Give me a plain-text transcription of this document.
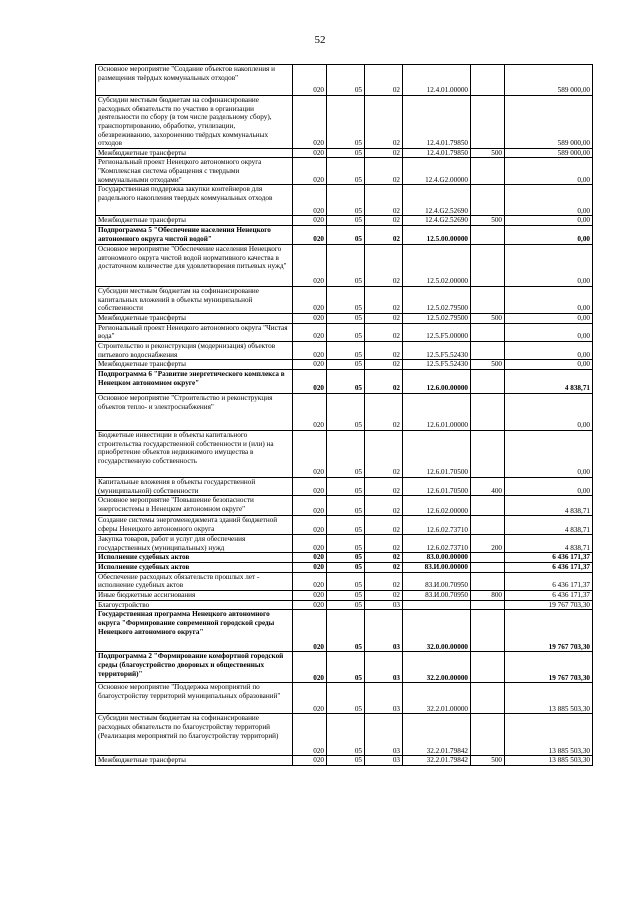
52
Основное мероприятие "Создание объектов накопления и размещения твёрдых коммунальных отходов"	020	05	02	12.4.01.00000		589 000,00
Субсидии местным бюджетам на софинансирование расходных обязательств по участию в организации деятельности по сбору (в том числе раздельному сбору), транспортированию, обработке, утилизации, обезвреживанию, захоронению твёрдых коммунальных отходов	020	05	02	12.4.01.79850		589 000,00
Межбюджетные трансферты	020	05	02	12.4.01.79850	500	589 000,00
Региональный проект Ненецкого автономного округа "Комплексная система обращения с твердыми коммунальными отходами"	020	05	02	12.4.G2.00000		0,00
Государственная поддержка закупки контейнеров для раздельного накопления твердых коммунальных отходов	020	05	02	12.4.G2.52690		0,00
Межбюджетные трансферты	020	05	02	12.4.G2.52690	500	0,00
Подпрограмма 5 "Обеспечение населения Ненецкого автономного округа чистой водой"	020	05	02	12.5.00.00000		0,00
Основное мероприятие "Обеспечение населения Ненецкого автономного округа чистой водой нормативного качества в достаточном количестве для удовлетворения питьевых нужд"	020	05	02	12.5.02.00000		0,00
Субсидии местным бюджетам на софинансирование капитальных вложений в объекты муниципальной собственности	020	05	02	12.5.02.79500		0,00
Межбюджетные трансферты	020	05	02	12.5.02.79500	500	0,00
Региональный проект Ненецкого автономного округа "Чистая вода"	020	05	02	12.5.F5.00000		0,00
Строительство и реконструкция (модернизация) объектов питьевого водоснабжения	020	05	02	12.5.F5.52430		0,00
Межбюджетные трансферты	020	05	02	12.5.F5.52430	500	0,00
Подпрограмма 6 "Развитие энергетического комплекса в Ненецком автономном округе"	020	05	02	12.6.00.00000		4 838,71
Основное мероприятие "Строительство и реконструкция объектов тепло- и электроснабжения"	020	05	02	12.6.01.00000		0,00
Бюджетные инвестиции в объекты капитального строительства государственной собственности и (или) на приобретение объектов недвижимого имущества в государственную собственность	020	05	02	12.6.01.70500		0,00
Капитальные вложения в объекты государственной (муниципальной) собственности	020	05	02	12.6.01.70500	400	0,00
Основное мероприятие "Повышение безопасности энергосистемы в Ненецком автономном округе"	020	05	02	12.6.02.00000		4 838,71
Создание системы энергоменеджмента зданий бюджетной сферы Ненецкого автономного округа	020	05	02	12.6.02.73710		4 838,71
Закупка товаров, работ и услуг для обеспечения государственных (муниципальных) нужд	020	05	02	12.6.02.73710	200	4 838,71
Исполнение судебных актов	020	05	02	83.0.00.00000		6 436 171,37
Исполнение судебных актов	020	05	02	83.И.00.00000		6 436 171,37
Обеспечение расходных обязательств прошлых лет - исполнение судебных актов	020	05	02	83.И.00.70950		6 436 171,37
Иные бюджетные ассигнования	020	05	02	83.И.00.70950	800	6 436 171,37
Благоустройство	020	05	03			19 767 703,30
Государственная программа Ненецкого автономного округа "Формирование современной городской среды Ненецкого автономного округа"	020	05	03	32.0.00.00000		19 767 703,30
Подпрограмма 2 "Формирование комфортной городской среды (благоустройство дворовых и общественных территорий)"	020	05	03	32.2.00.00000		19 767 703,30
Основное мероприятие "Поддержка мероприятий по благоустройству территорий муниципальных образований"	020	05	03	32.2.01.00000		13 885 503,30
Субсидии местным бюджетам на софинансирование расходных обязательств по благоустройству территорий (Реализация мероприятий по благоустройству территорий)	020	05	03	32.2.01.79842		13 885 503,30
Межбюджетные трансферты	020	05	03	32.2.01.79842	500	13 885 503,30
